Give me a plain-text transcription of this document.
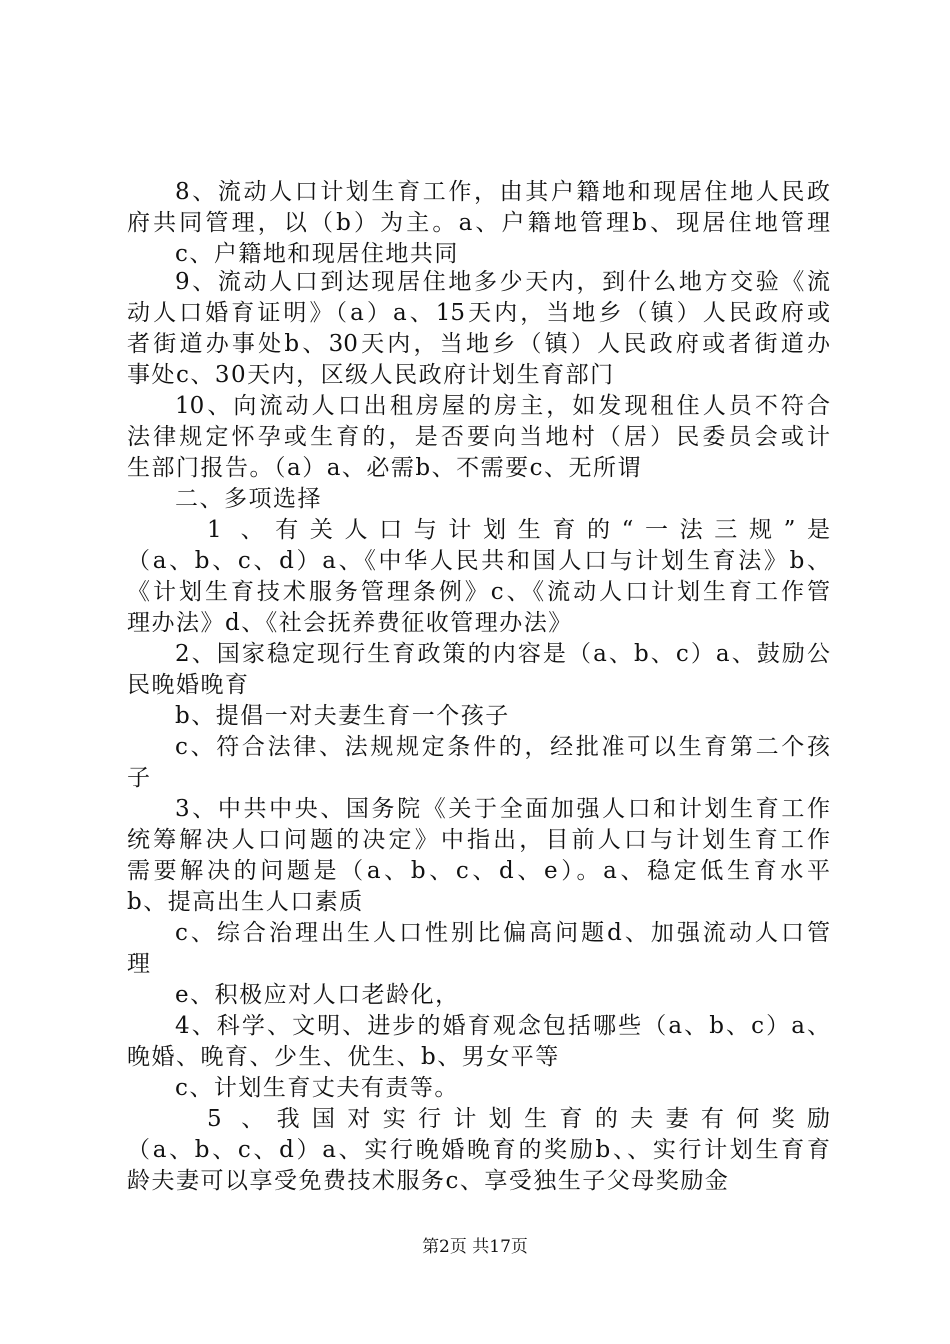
8、流动人口计划生育工作，由其户籍地和现居住地人民政
府共同管理，以（b）为主。a、户籍地管理b、现居住地管理
c、户籍地和现居住地共同
9、流动人口到达现居住地多少天内，到什么地方交验《流
动人口婚育证明》（a）a、15天内，当地乡（镇）人民政府或
者街道办事处b、30天内，当地乡（镇）人民政府或者街道办
事处c、30天内，区级人民政府计划生育部门
10、向流动人口出租房屋的房主，如发现租住人员不符合
法律规定怀孕或生育的，是否要向当地村（居）民委员会或计
生部门报告。（a）a、必需b、不需要c、无所谓
二、多项选择
1 、有关人口与计划生育的“一法三规”是
（a、b、c、d）a、《中华人民共和国人口与计划生育法》b、
《计划生育技术服务管理条例》c、《流动人口计划生育工作管
理办法》d、《社会抚养费征收管理办法》
2、国家稳定现行生育政策的内容是（a、b、c）a、鼓励公
民晚婚晚育
b、提倡一对夫妻生育一个孩子
c、符合法律、法规规定条件的，经批准可以生育第二个孩
子
3、中共中央、国务院《关于全面加强人口和计划生育工作
统筹解决人口问题的决定》中指出，目前人口与计划生育工作
需要解决的问题是（a、b、c、d、e）。a、稳定低生育水平
b、提高出生人口素质
c、综合治理出生人口性别比偏高问题d、加强流动人口管
理
e、积极应对人口老龄化，
4、科学、文明、进步的婚育观念包括哪些（a、b、c）a、
晚婚、晚育、少生、优生、b、男女平等
c、计划生育丈夫有责等。
5 、我国对实行计划生育的夫妻有何奖励
（a、b、c、d）a、实行晚婚晚育的奖励b、、实行计划生育育
龄夫妻可以享受免费技术服务c、享受独生子父母奖励金
第2页 共17页
